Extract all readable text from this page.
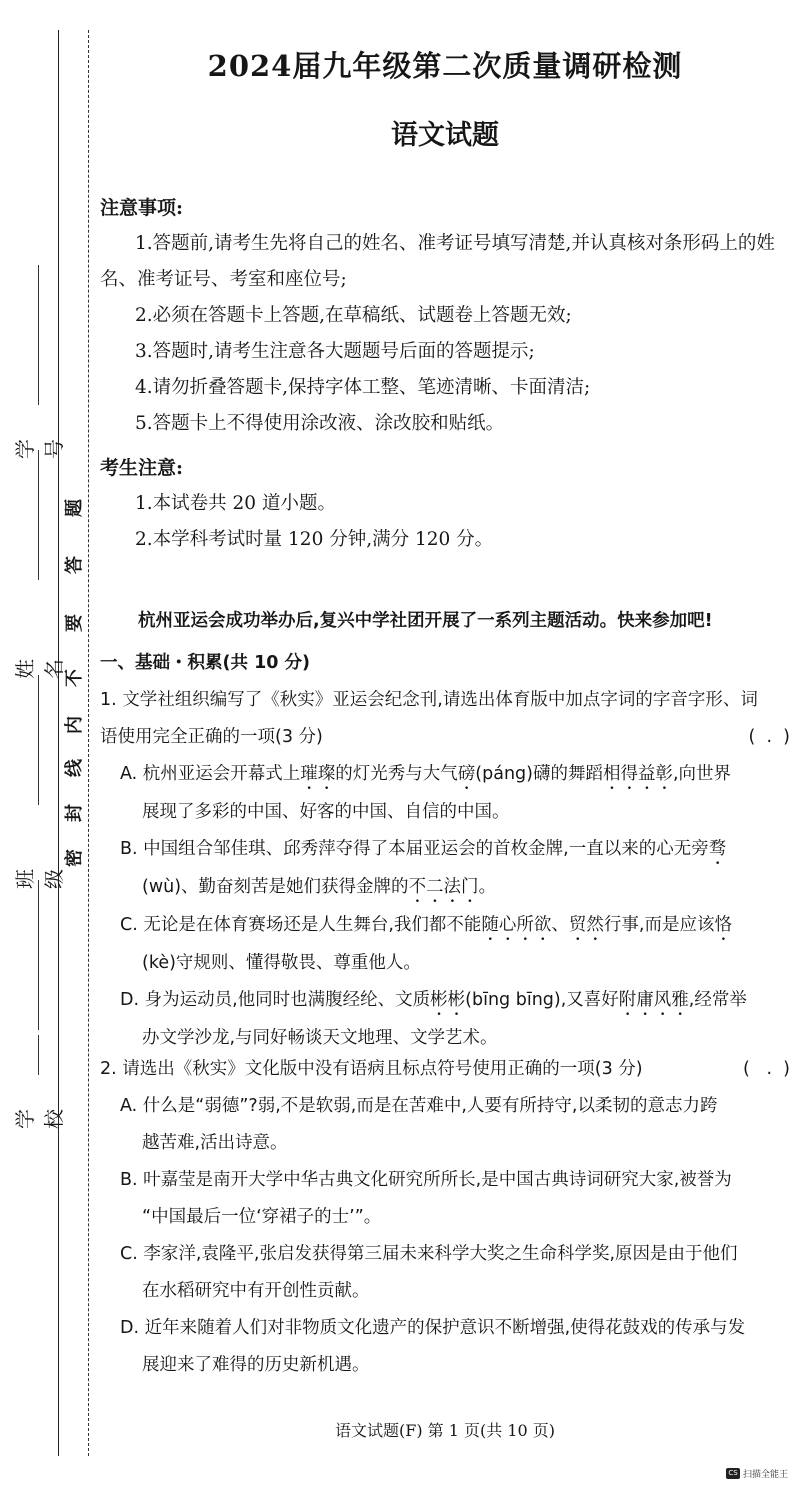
学 号
姓 名
班 级
学 校
密
封
线
内
不
要
答
题
2024届九年级第二次质量调研检测
语文试题
注意事项:
1.答题前,请考生先将自己的姓名、准考证号填写清楚,并认真核对条形码上的姓
名、准考证号、考室和座位号;
2.必须在答题卡上答题,在草稿纸、试题卷上答题无效;
3.答题时,请考生注意各大题题号后面的答题提示;
4.请勿折叠答题卡,保持字体工整、笔迹清晰、卡面清洁;
5.答题卡上不得使用涂改液、涂改胶和贴纸。
考生注意:
1.本试卷共 20 道小题。
2.本学科考试时量 120 分钟,满分 120 分。
杭州亚运会成功举办后,复兴中学社团开展了一系列主题活动。快来参加吧!
一、基础・积累(共 10 分)
1. 文学社组织编写了《秋实》亚运会纪念刊,请选出体育版中加点字词的字音字形、词
语使用完全正确的一项(3 分)	(  .  )
A. 杭州亚运会开幕式上璀璨的灯光秀与大气磅(páng)礴的舞蹈相得益彰,向世界
展现了多彩的中国、好客的中国、自信的中国。
B. 中国组合邹佳琪、邱秀萍夺得了本届亚运会的首枚金牌,一直以来的心无旁骛
(wù)、勤奋刻苦是她们获得金牌的不二法门。
C. 无论是在体育赛场还是人生舞台,我们都不能随心所欲、贸然行事,而是应该恪
(kè)守规则、懂得敬畏、尊重他人。
D. 身为运动员,他同时也满腹经纶、文质彬彬(bīng bīng),又喜好附庸风雅,经常举
办文学沙龙,与同好畅谈天文地理、文学艺术。
2. 请选出《秋实》文化版中没有语病且标点符号使用正确的一项(3 分)	(   .  )
A. 什么是“弱德”?弱,不是软弱,而是在苦难中,人要有所持守,以柔韧的意志力跨
越苦难,活出诗意。
B. 叶嘉莹是南开大学中华古典文化研究所所长,是中国古典诗词研究大家,被誉为
“中国最后一位‘穿裙子的士’”。
C. 李家洋,袁隆平,张启发获得第三届未来科学大奖之生命科学奖,原因是由于他们
在水稻研究中有开创性贡献。
D. 近年来随着人们对非物质文化遗产的保护意识不断增强,使得花鼓戏的传承与发
展迎来了难得的历史新机遇。
语文试题(F) 第 1 页(共 10 页)
CS 扫描全能王
